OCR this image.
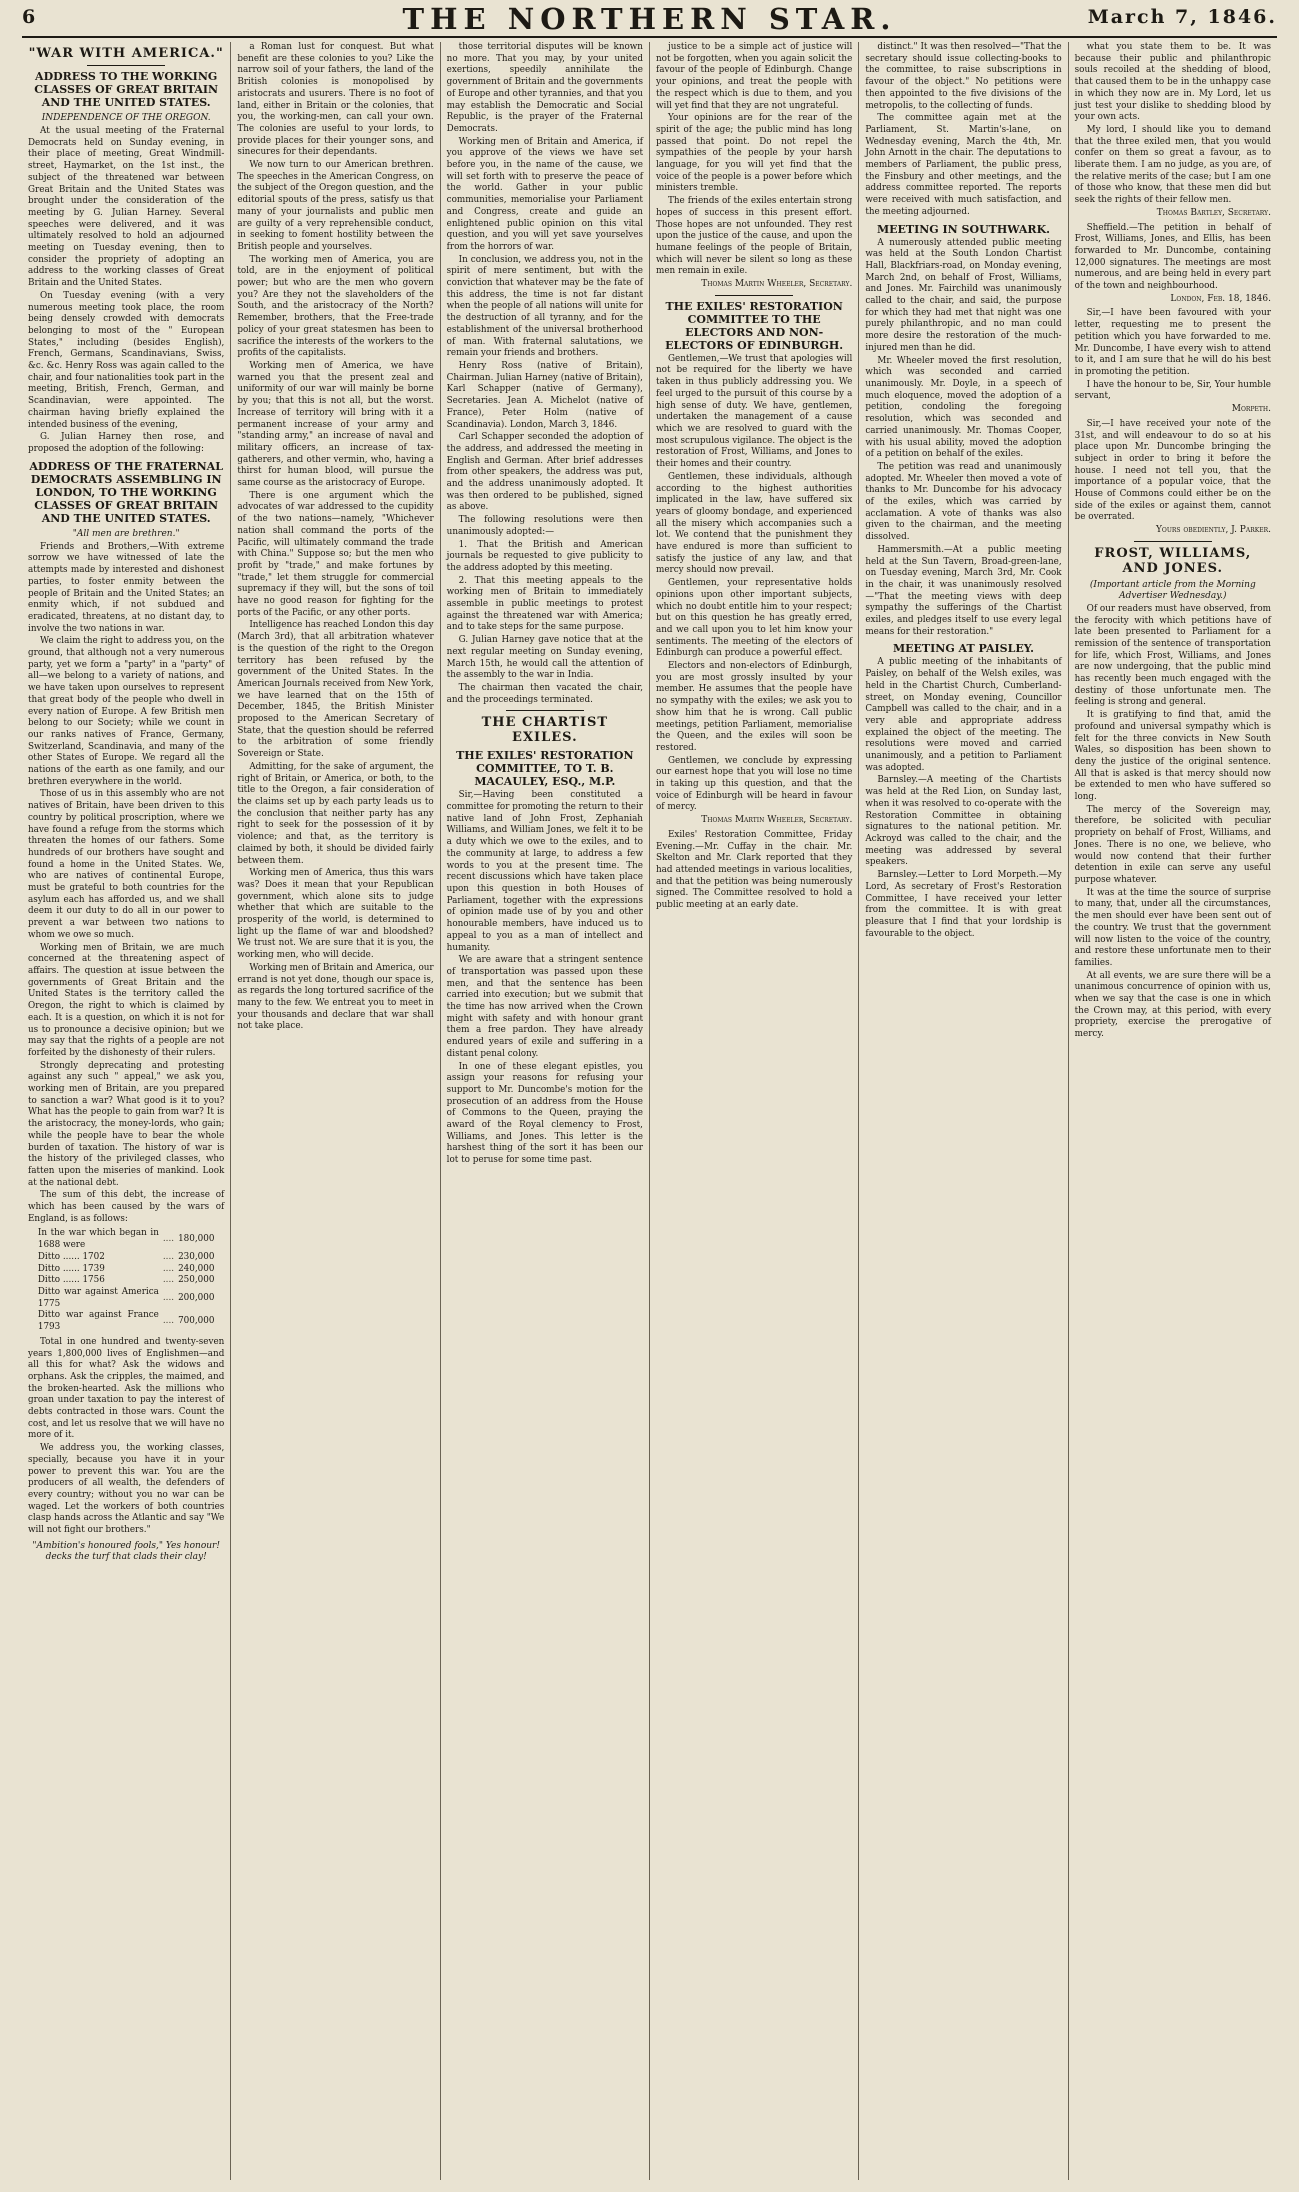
6	THE NORTHERN STAR.	March 7, 1846.
"WAR WITH AMERICA."
ADDRESS TO THE WORKING CLASSES OF GREAT BRITAIN AND THE UNITED STATES.
INDEPENDENCE OF THE OREGON.

At the usual meeting of the Fraternal Democrats held on Sunday evening, in their place of meeting, Great Windmill-street, Haymarket, on the 1st inst., the subject of the threatened war between Great Britain and the United States was brought under the consideration of the meeting by G. Julian Harney. Several speeches were delivered, and it was ultimately resolved to hold an adjourned meeting on Tuesday evening, then to consider the propriety of adopting an address to the working classes of Great Britain and the United States.

On Tuesday evening (with a very numerous meeting took place, the room being densely crowded with democrats belonging to most of the " European States," including (besides English), French, Germans, Scandinavians, Swiss, &c. &c. Henry Ross was again called to the chair, and four nationalities took part in the meeting, British, French, German, and Scandinavian, were appointed. The chairman having briefly explained the intended business of the evening,

G. Julian Harney then rose, and proposed the adoption of the following:

ADDRESS OF THE FRATERNAL DEMOCRATS ASSEMBLING IN LONDON, TO THE WORKING CLASSES OF GREAT BRITAIN AND THE UNITED STATES.
"All men are brethren."

Friends and Brothers,—With extreme sorrow we have witnessed of late the attempts made by interested and dishonest parties, to foster enmity between the people of Britain and the United States; an enmity which, if not subdued and eradicated, threatens, at no distant day, to involve the two nations in war.

We claim the right to address you, on the ground, that although not a very numerous party, yet we form a "party" in a "party" of all—we belong to a variety of nations, and we have taken upon ourselves to represent that great body of the people who dwell in every nation of Europe. A few British men belong to our Society; while we count in our ranks natives of France, Germany, Switzerland, Scandinavia, and many of the other States of Europe. We regard all the nations of the earth as one family, and our brethren everywhere in the world.

Those of us in this assembly who are not natives of Britain, have been driven to this country by political proscription, where we have found a refuge from the storms which threaten the homes of our fathers. Some hundreds of our brothers have sought and found a home in the United States. We, who are natives of continental Europe, must be grateful to both countries for the asylum each has afforded us, and we shall deem it our duty to do all in our power to prevent a war between two nations to whom we owe so much.

Working men of Britain, we are much concerned at the threatening aspect of affairs. The question at issue between the governments of Great Britain and the United States is the territory called the Oregon, the right to which is claimed by each. It is a question, on which it is not for us to pronounce a decisive opinion; but we may say that the rights of a people are not forfeited by the dishonesty of their rulers.

Strongly deprecating and protesting against any such " appeal," we ask you, working men of Britain, are you prepared to sanction a war? What good is it to you? What has the people to gain from war? It is the aristocracy, the money-lords, who gain; while the people have to bear the whole burden of taxation. The history of war is the history of the privileged classes, who fatten upon the miseries of mankind. Look at the national debt.

The sum of this debt, the increase of which has been caused by the wars of England, is as follows:

In the war which began in 1688 were	....	180,000
Ditto ...... 1702	....	230,000
Ditto ...... 1739	....	240,000
Ditto ...... 1756	....	250,000
Ditto war against America 1775	....	200,000
Ditto war against France 1793	....	700,000

Total in one hundred and twenty-seven years 1,800,000 lives of Englishmen—and all this for what? Ask the widows and orphans. Ask the cripples, the maimed, and the broken-hearted. Ask the millions who groan under taxation to pay the interest of debts contracted in those wars. Count the cost, and let us resolve that we will have no more of it.

We address you, the working classes, specially, because you have it in your power to prevent this war. You are the producers of all wealth, the defenders of every country; without you no war can be waged. Let the workers of both countries clasp hands across the Atlantic and say "We will not fight our brothers."

"Ambition's honoured fools," Yes honour! decks the turf that clads their clay!

a Roman lust for conquest. But what benefit are these colonies to you? Like the narrow soil of your fathers, the land of the British colonies is monopolised by aristocrats and usurers. There is no foot of land, either in Britain or the colonies, that you, the working-men, can call your own. The colonies are useful to your lords, to provide places for their younger sons, and sinecures for their dependants.

We now turn to our American brethren. The speeches in the American Congress, on the subject of the Oregon question, and the editorial spouts of the press, satisfy us that many of your journalists and public men are guilty of a very reprehensible conduct, in seeking to foment hostility between the British people and yourselves.

The working men of America, you are told, are in the enjoyment of political power; but who are the men who govern you? Are they not the slaveholders of the South, and the aristocracy of the North? Remember, brothers, that the Free-trade policy of your great statesmen has been to sacrifice the interests of the workers to the profits of the capitalists.

Working men of America, we have warned you that the present zeal and uniformity of our war will mainly be borne by you; that this is not all, but the worst. Increase of territory will bring with it a permanent increase of your army and "standing army," an increase of naval and military officers, an increase of tax-gatherers, and other vermin, who, having a thirst for human blood, will pursue the same course as the aristocracy of Europe.

There is one argument which the advocates of war addressed to the cupidity of the two nations—namely, "Whichever nation shall command the ports of the Pacific, will ultimately command the trade with China." Suppose so; but the men who profit by "trade," and make fortunes by "trade," let them struggle for commercial supremacy if they will, but the sons of toil have no good reason for fighting for the ports of the Pacific, or any other ports.

Intelligence has reached London this day (March 3rd), that all arbitration whatever is the question of the right to the Oregon territory has been refused by the government of the United States. In the American Journals received from New York, we have learned that on the 15th of December, 1845, the British Minister proposed to the American Secretary of State, that the question should be referred to the arbitration of some friendly Sovereign or State.

Admitting, for the sake of argument, the right of Britain, or America, or both, to the title to the Oregon, a fair consideration of the claims set up by each party leads us to the conclusion that neither party has any right to seek for the possession of it by violence; and that, as the territory is claimed by both, it should be divided fairly between them.

Working men of America, thus this wars was? Does it mean that your Republican government, which alone sits to judge whether that which are suitable to the prosperity of the world, is determined to light up the flame of war and bloodshed? We trust not. We are sure that it is you, the working men, who will decide.

Working men of Britain and America, our errand is not yet done, though our space is, as regards the long tortured sacrifice of the many to the few. We entreat you to meet in your thousands and declare that war shall not take place.

those territorial disputes will be known no more. That you may, by your united exertions, speedily annihilate the government of Britain and the governments of Europe and other tyrannies, and that you may establish the Democratic and Social Republic, is the prayer of the Fraternal Democrats.

Working men of Britain and America, if you approve of the views we have set before you, in the name of the cause, we will set forth with to preserve the peace of the world. Gather in your public communities, memorialise your Parliament and Congress, create and guide an enlightened public opinion on this vital question, and you will yet save yourselves from the horrors of war.

In conclusion, we address you, not in the spirit of mere sentiment, but with the conviction that whatever may be the fate of this address, the time is not far distant when the people of all nations will unite for the destruction of all tyranny, and for the establishment of the universal brotherhood of man. With fraternal salutations, we remain your friends and brothers.

Henry Ross (native of Britain), Chairman. Julian Harney (native of Britain), Karl Schapper (native of Germany), Secretaries. Jean A. Michelot (native of France), Peter Holm (native of Scandinavia). London, March 3, 1846.

Carl Schapper seconded the adoption of the address, and addressed the meeting in English and German. After brief addresses from other speakers, the address was put, and the address unanimously adopted. It was then ordered to be published, signed as above.

The following resolutions were then unanimously adopted:—

1. That the British and American journals be requested to give publicity to the address adopted by this meeting.

2. That this meeting appeals to the working men of Britain to immediately assemble in public meetings to protest against the threatened war with America; and to take steps for the same purpose.

G. Julian Harney gave notice that at the next regular meeting on Sunday evening, March 15th, he would call the attention of the assembly to the war in India.

The chairman then vacated the chair, and the proceedings terminated.

THE CHARTIST EXILES.
THE EXILES' RESTORATION COMMITTEE, TO T. B. MACAULEY, ESQ., M.P.

Sir,—Having been constituted a committee for promoting the return to their native land of John Frost, Zephaniah Williams, and William Jones, we felt it to be a duty which we owe to the exiles, and to the community at large, to address a few words to you at the present time. The recent discussions which have taken place upon this question in both Houses of Parliament, together with the expressions of opinion made use of by you and other honourable members, have induced us to appeal to you as a man of intellect and humanity.

We are aware that a stringent sentence of transportation was passed upon these men, and that the sentence has been carried into execution; but we submit that the time has now arrived when the Crown might with safety and with honour grant them a free pardon. They have already endured years of exile and suffering in a distant penal colony.

In one of these elegant epistles, you assign your reasons for refusing your support to Mr. Duncombe's motion for the prosecution of an address from the House of Commons to the Queen, praying the award of the Royal clemency to Frost, Williams, and Jones. This letter is the harshest thing of the sort it has been our lot to peruse for some time past.

justice to be a simple act of justice will not be forgotten, when you again solicit the favour of the people of Edinburgh. Change your opinions, and treat the people with the respect which is due to them, and you will yet find that they are not ungrateful.

Your opinions are for the rear of the spirit of the age; the public mind has long passed that point. Do not repel the sympathies of the people by your harsh language, for you will yet find that the voice of the people is a power before which ministers tremble.

The friends of the exiles entertain strong hopes of success in this present effort. Those hopes are not unfounded. They rest upon the justice of the cause, and upon the humane feelings of the people of Britain, which will never be silent so long as these men remain in exile.

Thomas Martin Wheeler, Secretary.
THE EXILES' RESTORATION COMMITTEE TO THE ELECTORS AND NON-ELECTORS OF EDINBURGH.

Gentlemen,—We trust that apologies will not be required for the liberty we have taken in thus publicly addressing you. We feel urged to the pursuit of this course by a high sense of duty. We have, gentlemen, undertaken the management of a cause which we are resolved to guard with the most scrupulous vigilance. The object is the restoration of Frost, Williams, and Jones to their homes and their country.

Gentlemen, these individuals, although according to the highest authorities implicated in the law, have suffered six years of gloomy bondage, and experienced all the misery which accompanies such a lot. We contend that the punishment they have endured is more than sufficient to satisfy the justice of any law, and that mercy should now prevail.

Gentlemen, your representative holds opinions upon other important subjects, which no doubt entitle him to your respect; but on this question he has greatly erred, and we call upon you to let him know your sentiments. The meeting of the electors of Edinburgh can produce a powerful effect.

Electors and non-electors of Edinburgh, you are most grossly insulted by your member. He assumes that the people have no sympathy with the exiles; we ask you to show him that he is wrong. Call public meetings, petition Parliament, memorialise the Queen, and the exiles will soon be restored.

Gentlemen, we conclude by expressing our earnest hope that you will lose no time in taking up this question, and that the voice of Edinburgh will be heard in favour of mercy.

Thomas Martin Wheeler, Secretary.

Exiles' Restoration Committee, Friday Evening.—Mr. Cuffay in the chair. Mr. Skelton and Mr. Clark reported that they had attended meetings in various localities, and that the petition was being numerously signed. The Committee resolved to hold a public meeting at an early date.

distinct." It was then resolved—"That the secretary should issue collecting-books to the committee, to raise subscriptions in favour of the object." No petitions were then appointed to the five divisions of the metropolis, to the collecting of funds.

The committee again met at the Parliament, St. Martin's-lane, on Wednesday evening, March the 4th, Mr. John Arnott in the chair. The deputations to members of Parliament, the public press, the Finsbury and other meetings, and the address committee reported. The reports were received with much satisfaction, and the meeting adjourned.

MEETING IN SOUTHWARK.

A numerously attended public meeting was held at the South London Chartist Hall, Blackfriars-road, on Monday evening, March 2nd, on behalf of Frost, Williams, and Jones. Mr. Fairchild was unanimously called to the chair, and said, the purpose for which they had met that night was one purely philanthropic, and no man could more desire the restoration of the much-injured men than he did.

Mr. Wheeler moved the first resolution, which was seconded and carried unanimously. Mr. Doyle, in a speech of much eloquence, moved the adoption of a petition, condoling the foregoing resolution, which was seconded and carried unanimously. Mr. Thomas Cooper, with his usual ability, moved the adoption of a petition on behalf of the exiles.

The petition was read and unanimously adopted. Mr. Wheeler then moved a vote of thanks to Mr. Duncombe for his advocacy of the exiles, which was carried by acclamation. A vote of thanks was also given to the chairman, and the meeting dissolved.

Hammersmith.—At a public meeting held at the Sun Tavern, Broad-green-lane, on Tuesday evening, March 3rd, Mr. Cook in the chair, it was unanimously resolved—"That the meeting views with deep sympathy the sufferings of the Chartist exiles, and pledges itself to use every legal means for their restoration."

MEETING AT PAISLEY.

A public meeting of the inhabitants of Paisley, on behalf of the Welsh exiles, was held in the Chartist Church, Cumberland-street, on Monday evening, Councillor Campbell was called to the chair, and in a very able and appropriate address explained the object of the meeting. The resolutions were moved and carried unanimously, and a petition to Parliament was adopted.

Barnsley.—A meeting of the Chartists was held at the Red Lion, on Sunday last, when it was resolved to co-operate with the Restoration Committee in obtaining signatures to the national petition. Mr. Ackroyd was called to the chair, and the meeting was addressed by several speakers.

Barnsley.—Letter to Lord Morpeth.—My Lord, As secretary of Frost's Restoration Committee, I have received your letter from the committee. It is with great pleasure that I find that your lordship is favourable to the object.

what you state them to be. It was because their public and philanthropic souls recoiled at the shedding of blood, that caused them to be in the unhappy case in which they now are in. My Lord, let us just test your dislike to shedding blood by your own acts.

My lord, I should like you to demand that the three exiled men, that you would confer on them so great a favour, as to liberate them. I am no judge, as you are, of the relative merits of the case; but I am one of those who know, that these men did but seek the rights of their fellow men.

Thomas Bartley, Secretary.

Sheffield.—The petition in behalf of Frost, Williams, Jones, and Ellis, has been forwarded to Mr. Duncombe, containing 12,000 signatures. The meetings are most numerous, and are being held in every part of the town and neighbourhood.

London, Feb. 18, 1846.

Sir,—I have been favoured with your letter, requesting me to present the petition which you have forwarded to me. Mr. Duncombe, I have every wish to attend to it, and I am sure that he will do his best in promoting the petition.

I have the honour to be, Sir, Your humble servant,

Morpeth.

Sir,—I have received your note of the 31st, and will endeavour to do so at his place upon Mr. Duncombe bringing the subject in order to bring it before the house. I need not tell you, that the importance of a popular voice, that the House of Commons could either be on the side of the exiles or against them, cannot be overrated.

Yours obediently, J. Parker.
FROST, WILLIAMS, AND JONES.
(Important article from the Morning Advertiser Wednesday.)

Of our readers must have observed, from the ferocity with which petitions have of late been presented to Parliament for a remission of the sentence of transportation for life, which Frost, Williams, and Jones are now undergoing, that the public mind has recently been much engaged with the destiny of those unfortunate men. The feeling is strong and general.

It is gratifying to find that, amid the profound and universal sympathy which is felt for the three convicts in New South Wales, so disposition has been shown to deny the justice of the original sentence. All that is asked is that mercy should now be extended to men who have suffered so long.

The mercy of the Sovereign may, therefore, be solicited with peculiar propriety on behalf of Frost, Williams, and Jones. There is no one, we believe, who would now contend that their further detention in exile can serve any useful purpose whatever.

It was at the time the source of surprise to many, that, under all the circumstances, the men should ever have been sent out of the country. We trust that the government will now listen to the voice of the country, and restore these unfortunate men to their families.

At all events, we are sure there will be a unanimous concurrence of opinion with us, when we say that the case is one in which the Crown may, at this period, with every propriety, exercise the prerogative of mercy.
